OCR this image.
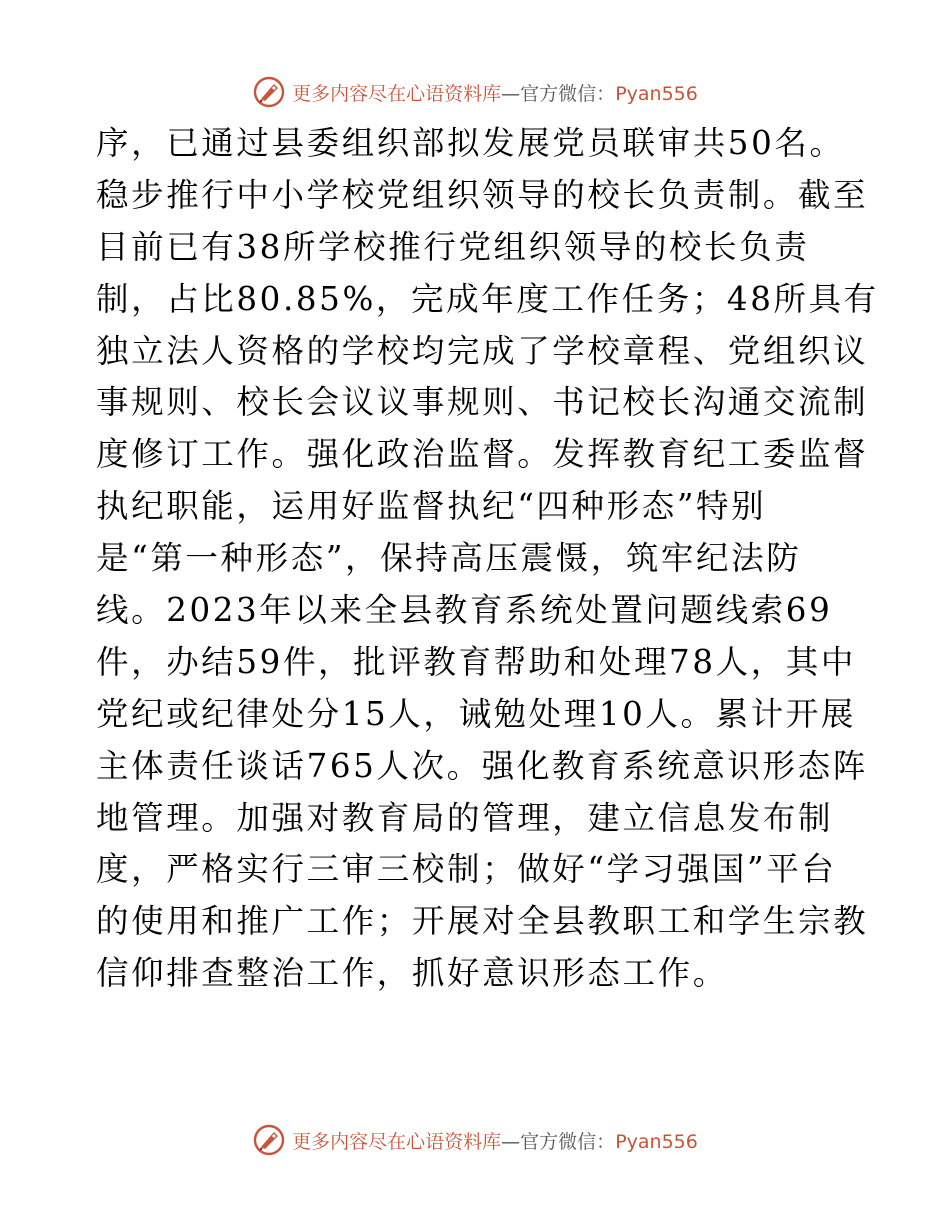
更多内容尽在心语资料库—官方微信：Pyan556
序，已通过县委组织部拟发展党员联审共50名。
稳步推行中小学校党组织领导的校长负责制。截至
目前已有38所学校推行党组织领导的校长负责
制，占比80.85%，完成年度工作任务；48所具有
独立法人资格的学校均完成了学校章程、党组织议
事规则、校长会议议事规则、书记校长沟通交流制
度修订工作。强化政治监督。发挥教育纪工委监督
执纪职能，运用好监督执纪“四种形态”特别
是“第一种形态”，保持高压震慑，筑牢纪法防
线。2023年以来全县教育系统处置问题线索69
件，办结59件，批评教育帮助和处理78人，其中
党纪或纪律处分15人，诫勉处理10人。累计开展
主体责任谈话765人次。强化教育系统意识形态阵
地管理。加强对教育局的管理，建立信息发布制
度，严格实行三审三校制；做好“学习强国”平台
的使用和推广工作；开展对全县教职工和学生宗教
信仰排查整治工作，抓好意识形态工作。
更多内容尽在心语资料库—官方微信：Pyan556
